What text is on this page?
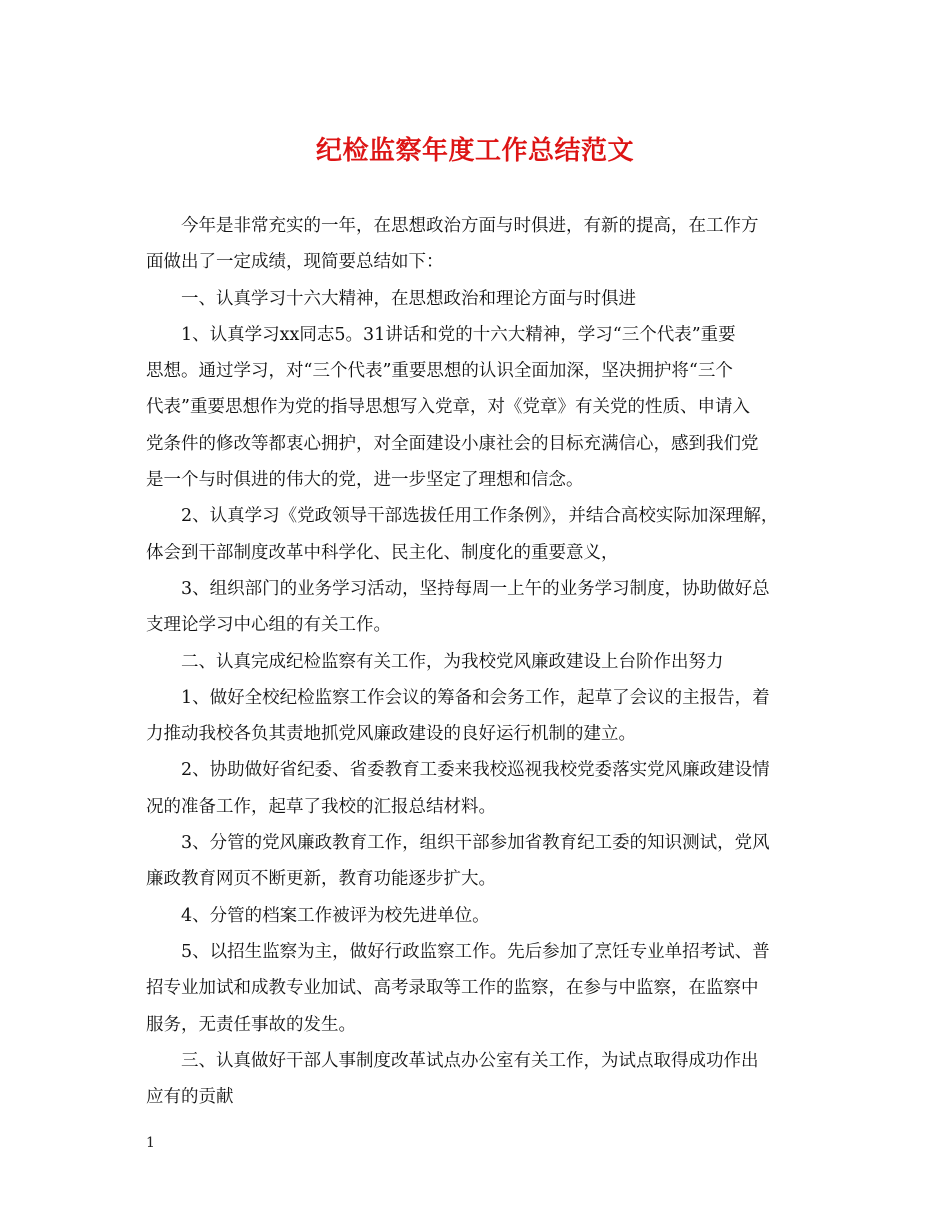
纪检监察年度工作总结范文

今年是非常充实的一年，在思想政治方面与时俱进，有新的提高，在工作方
面做出了一定成绩，现简要总结如下：

一、认真学习十六大精神，在思想政治和理论方面与时俱进

1、认真学习xx同志5。31讲话和党的十六大精神，学习“三个代表”重要
思想。通过学习，对“三个代表”重要思想的认识全面加深，坚决拥护将“三个
代表”重要思想作为党的指导思想写入党章，对《党章》有关党的性质、申请入
党条件的修改等都衷心拥护，对全面建设小康社会的目标充满信心，感到我们党
是一个与时俱进的伟大的党，进一步坚定了理想和信念。

2、认真学习《党政领导干部选拔任用工作条例》，并结合高校实际加深理解，
体会到干部制度改革中科学化、民主化、制度化的重要意义，

3、组织部门的业务学习活动，坚持每周一上午的业务学习制度，协助做好总
支理论学习中心组的有关工作。

二、认真完成纪检监察有关工作，为我校党风廉政建设上台阶作出努力

1、做好全校纪检监察工作会议的筹备和会务工作，起草了会议的主报告，着
力推动我校各负其责地抓党风廉政建设的良好运行机制的建立。

2、协助做好省纪委、省委教育工委来我校巡视我校党委落实党风廉政建设情
况的准备工作，起草了我校的汇报总结材料。

3、分管的党风廉政教育工作，组织干部参加省教育纪工委的知识测试，党风
廉政教育网页不断更新，教育功能逐步扩大。

4、分管的档案工作被评为校先进单位。

5、以招生监察为主，做好行政监察工作。先后参加了烹饪专业单招考试、普
招专业加试和成教专业加试、高考录取等工作的监察，在参与中监察，在监察中
服务，无责任事故的发生。

三、认真做好干部人事制度改革试点办公室有关工作，为试点取得成功作出
应有的贡献

1
